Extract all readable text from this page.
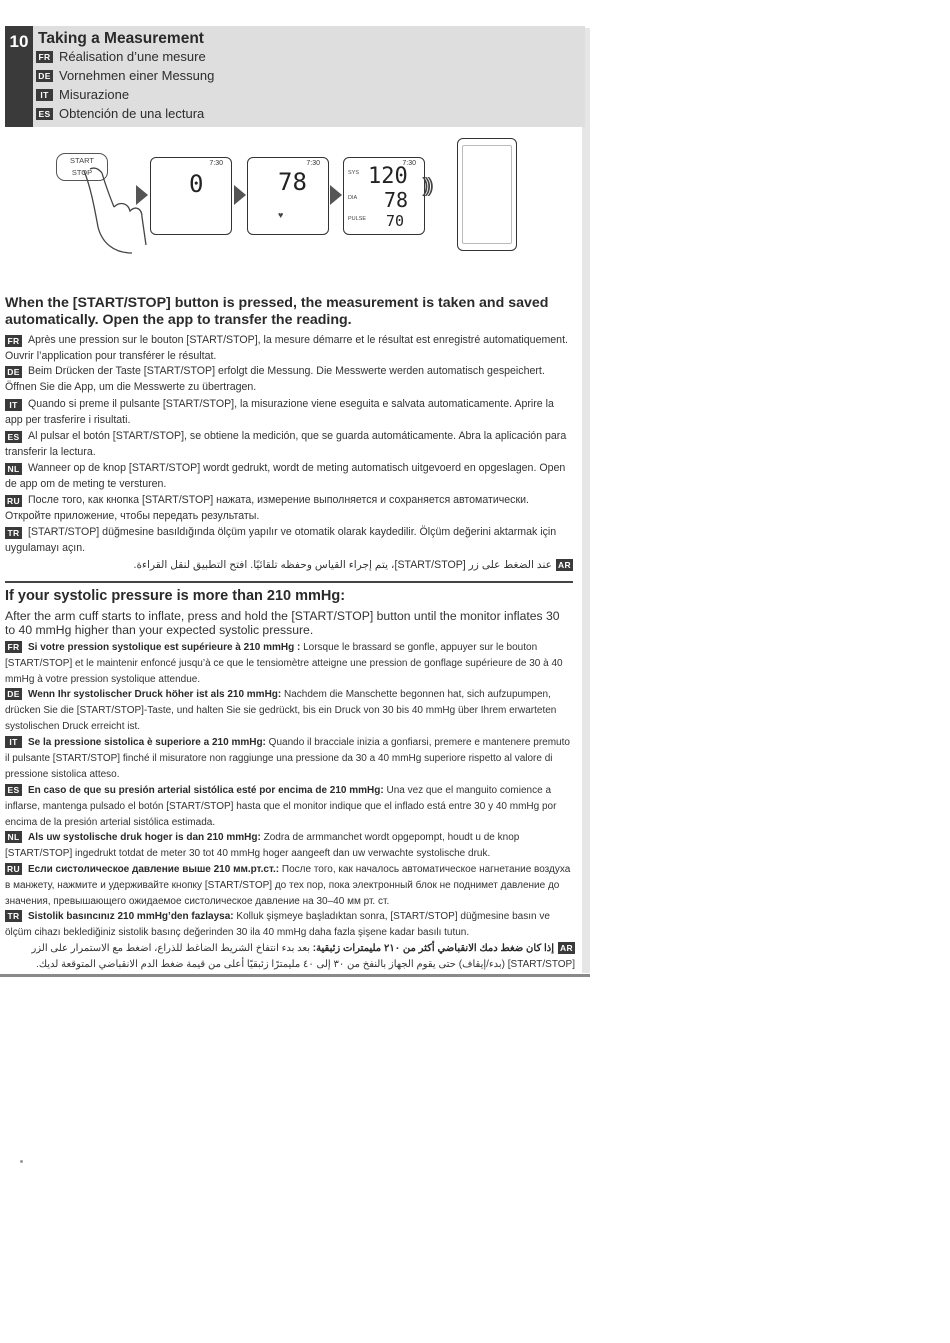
10 Taking a Measurement
FR Réalisation d’une mesure
DE Vornehmen einer Messung
IT Misurazione
ES Obtención de una lectura
START
STOP
7:30
0
7:30
78
♥
7:30
SYS
DIA
PULSE
120
78
70
)))
When the [START/STOP] button is pressed, the measurement is taken and saved automatically. Open the app to transfer the reading.
FR Après une pression sur le bouton [START/STOP], la mesure démarre et le résultat est enregistré automatiquement. Ouvrir l’application pour transférer le résultat.
DE Beim Drücken der Taste [START/STOP] erfolgt die Messung. Die Messwerte werden automatisch gespeichert. Öffnen Sie die App, um die Messwerte zu übertragen.
IT Quando si preme il pulsante [START/STOP], la misurazione viene eseguita e salvata automaticamente. Aprire la app per trasferire i risultati.
ES Al pulsar el botón [START/STOP], se obtiene la medición, que se guarda automáticamente. Abra la aplicación para transferir la lectura.
NL Wanneer op de knop [START/STOP] wordt gedrukt, wordt de meting automatisch uitgevoerd en opgeslagen. Open de app om de meting te versturen.
RU После того, как кнопка [START/STOP] нажата, измерение выполняется и сохраняется автоматически. Откройте приложение, чтобы передать результаты.
TR [START/STOP] düğmesine basıldığında ölçüm yapılır ve otomatik olarak kaydedilir. Ölçüm değerini aktarmak için uygulamayı açın.
ARعند الضغط على زر [START/STOP]، يتم إجراء القياس وحفظه تلقائيًا. افتح التطبيق لنقل القراءة.
If your systolic pressure is more than 210 mmHg:
After the arm cuff starts to inflate, press and hold the [START/STOP] button until the monitor inflates 30 to 40 mmHg higher than your expected systolic pressure.
FR Si votre pression systolique est supérieure à 210 mmHg : Lorsque le brassard se gonfle, appuyer sur le bouton [START/STOP] et le maintenir enfoncé jusqu’à ce que le tensiomètre atteigne une pression de gonflage supérieure de 30 à 40 mmHg à votre pression systolique attendue.
DE Wenn Ihr systolischer Druck höher ist als 210 mmHg: Nachdem die Manschette begonnen hat, sich aufzupumpen, drücken Sie die [START/STOP]-Taste, und halten Sie sie gedrückt, bis ein Druck von 30 bis 40 mmHg über Ihrem erwarteten systolischen Druck erreicht ist.
IT Se la pressione sistolica è superiore a 210 mmHg: Quando il bracciale inizia a gonfiarsi, premere e mantenere premuto il pulsante [START/STOP] finché il misuratore non raggiunge una pressione da 30 a 40 mmHg superiore rispetto al valore di pressione sistolica atteso.
ES En caso de que su presión arterial sistólica esté por encima de 210 mmHg: Una vez que el manguito comience a inflarse, mantenga pulsado el botón [START/STOP] hasta que el monitor indique que el inflado está entre 30 y 40 mmHg por encima de la presión arterial sistólica estimada.
NL Als uw systolische druk hoger is dan 210 mmHg: Zodra de armmanchet wordt opgepompt, houdt u de knop [START/STOP] ingedrukt totdat de meter 30 tot 40 mmHg hoger aangeeft dan uw verwachte systolische druk.
RU Если систолическое давление выше 210 мм.рт.ст.: После того, как началось автоматическое нагнетание воздуха в манжету, нажмите и удерживайте кнопку [START/STOP] до тех пор, пока электронный блок не поднимет давление до значения, превышающего ожидаемое систолическое давление на 30–40 мм рт. ст.
TR Sistolik basıncınız 210 mmHg’den fazlaysa: Kolluk şişmeye başladıktan sonra, [START/STOP] düğmesine basın ve ölçüm cihazı beklediğiniz sistolik basınç değerinden 30 ila 40 mmHg daha fazla şişene kadar basılı tutun.
ARإذا كان ضغط دمك الانقباضي أكثر من ٢١٠ مليمترات زئبقية: بعد بدء انتفاخ الشريط الضاغط للذراع، اضغط مع الاستمرار على الزر [START/STOP] (بدء/إيقاف) حتى يقوم الجهاز بالنفخ من ٣٠ إلى ٤٠ مليمترًا زئبقيًا أعلى من قيمة ضغط الدم الانقباضي المتوقعة لديك.
